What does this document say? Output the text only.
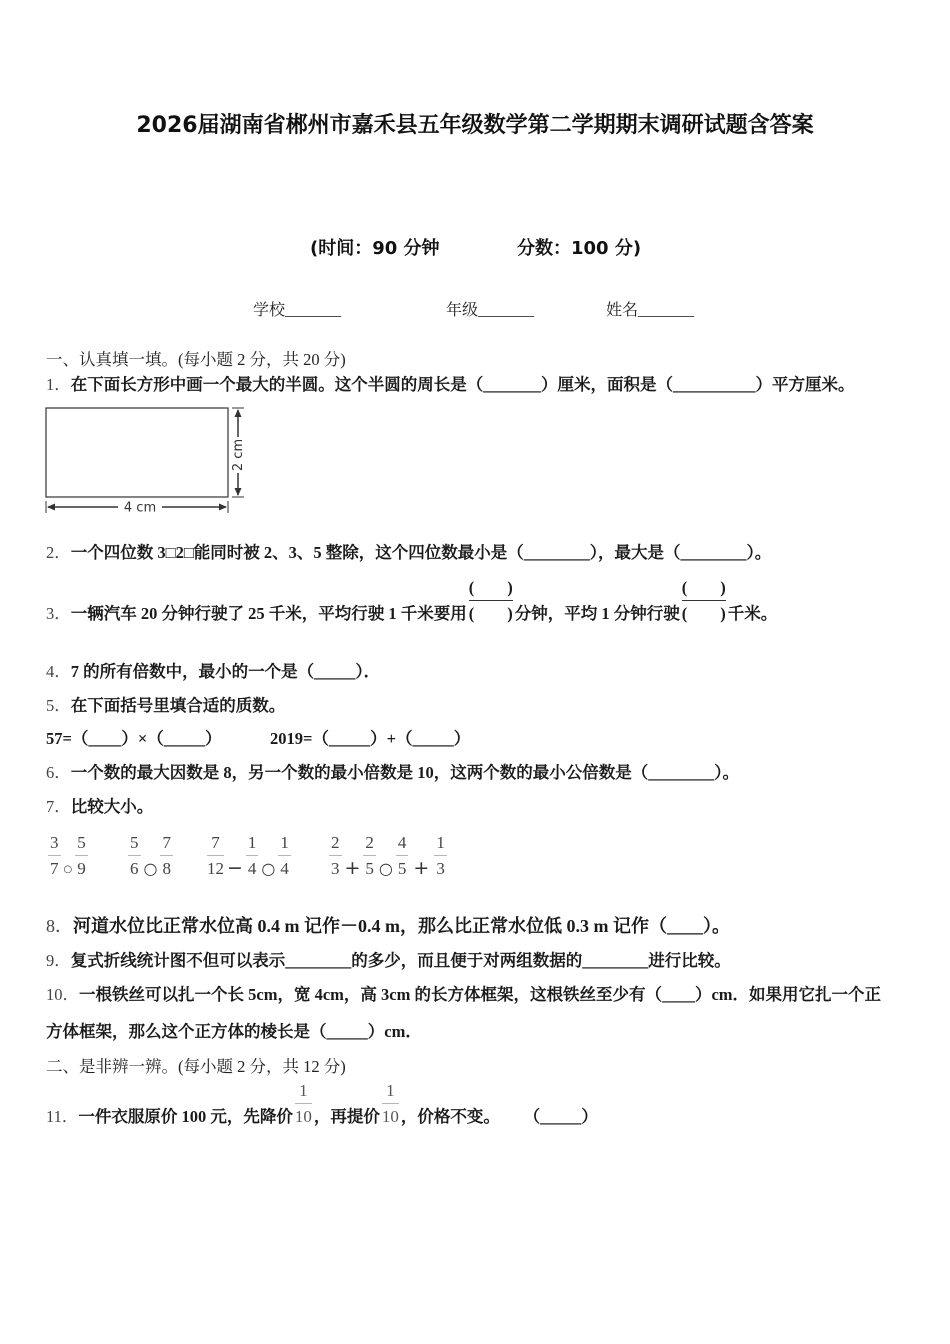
2026届湖南省郴州市嘉禾县五年级数学第二学期期末调研试题含答案
(时间：90 分钟	分数：100 分)
学校_______	年级_______	姓名_______
一、认真填一填。(每小题 2 分，共 20 分)
1．在下面长方形中画一个最大的半圆。这个半圆的周长是（_______）厘米，面积是（__________）平方厘米。
2 cm
4 cm
2．一个四位数 3□2□能同时被 2、3、5 整除，这个四位数最小是（________），最大是（________）。
3．一辆汽车 20 分钟行驶了 25 千米，平均行驶 1 千米要用 $\frac{( )}{( )}$ 分钟，平均 1 分钟行驶 $\frac{( )}{( )}$ 千米。
4．7 的所有倍数中，最小的一个是（_____）．
5．在下面括号里填合适的质数。
57=（____）×（_____）	2019=（_____）+（_____）
6．一个数的最大因数是 8，另一个数的最小倍数是 10，这两个数的最小公倍数是（________）。
7．比较大小。
$\frac{3}{7}$ ○ $\frac{5}{9} \frac{5}{6}$ ○ $\frac{7}{8} \frac{7}{12} - \frac{1}{4}$ ○ $\frac{1}{4} \frac{2}{3} + \frac{2}{5}$ ○ $\frac{4}{5} + \frac{1}{3}$
8．河道水位比正常水位高 0.4 m 记作－0.4 m，那么比正常水位低 0.3 m 记作（____）。
9．复式折线统计图不但可以表示________的多少，而且便于对两组数据的________进行比较。
10．一根铁丝可以扎一个长 5cm，宽 4cm，高 3cm 的长方体框架，这根铁丝至少有（____）cm．如果用它扎一个正
方体框架，那么这个正方体的棱长是（_____）cm．
二、是非辨一辨。(每小题 2 分，共 12 分)
11．一件衣服原价 100 元，先降价 $\frac{1}{10}$ ，再提价 $\frac{1}{10}$ ，价格不变。 （_____）
